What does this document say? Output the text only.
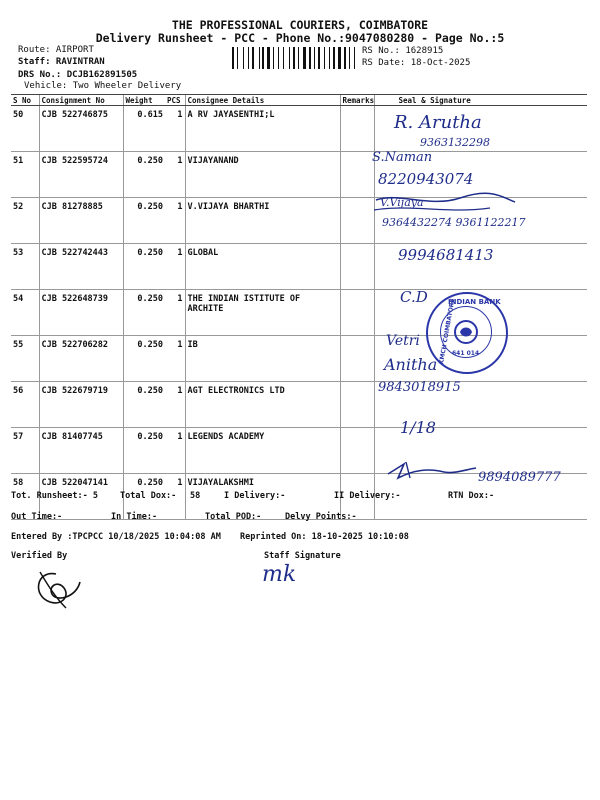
THE PROFESSIONAL COURIERS, COIMBATORE
Delivery Runsheet - PCC - Phone No.:9047080280 - Page No.:5
Route: AIRPORT
Staff: RAVINTRAN
DRS No.: DCJB162891505
Vehicle: Two Wheeler Delivery
RS No.: 1628915
RS Date: 18-Oct-2025
S No	Consignment No	Weight	PCS	Consignee Details	Remarks	Seal & Signature
50	CJB 522746875	0.615	1	A RV JAYASENTHI;L		
51	CJB 522595724	0.250	1	VIJAYANAND		
52	CJB 81278885	0.250	1	V.VIJAYA BHARTHI		
53	CJB 522742443	0.250	1	GLOBAL		
54	CJB 522648739	0.250	1	THE INDIAN ISTITUTE OF ARCHITE		
55	CJB 522706282	0.250	1	IB		
56	CJB 522679719	0.250	1	AGT ELECTRONICS LTD		
57	CJB 81407745	0.250	1	LEGENDS ACADEMY		
58	CJB 522047141	0.250	1	VIJAYALAKSHMI		
R. Arutha
9363132298
S.Naman
8220943074
V.Vijaya
9364432274 9361122217
9994681413
C.D
Vetri
Anitha
9843018915
1/18
9894089777
INDIAN BANK
KMCH COIMBATORE
641 014
Tot. Runsheet:- 5	Total Dox:- 58	I Delivery:-	II Delivery:-	RTN Dox:-
Out Time:-	In Time:-	Total POD:-	Delvy Points:-
Entered By :TPCPCC 10/18/2025 10:04:08 AM Reprinted On: 18-10-2025 10:10:08
Verified By	Staff Signature
mk
